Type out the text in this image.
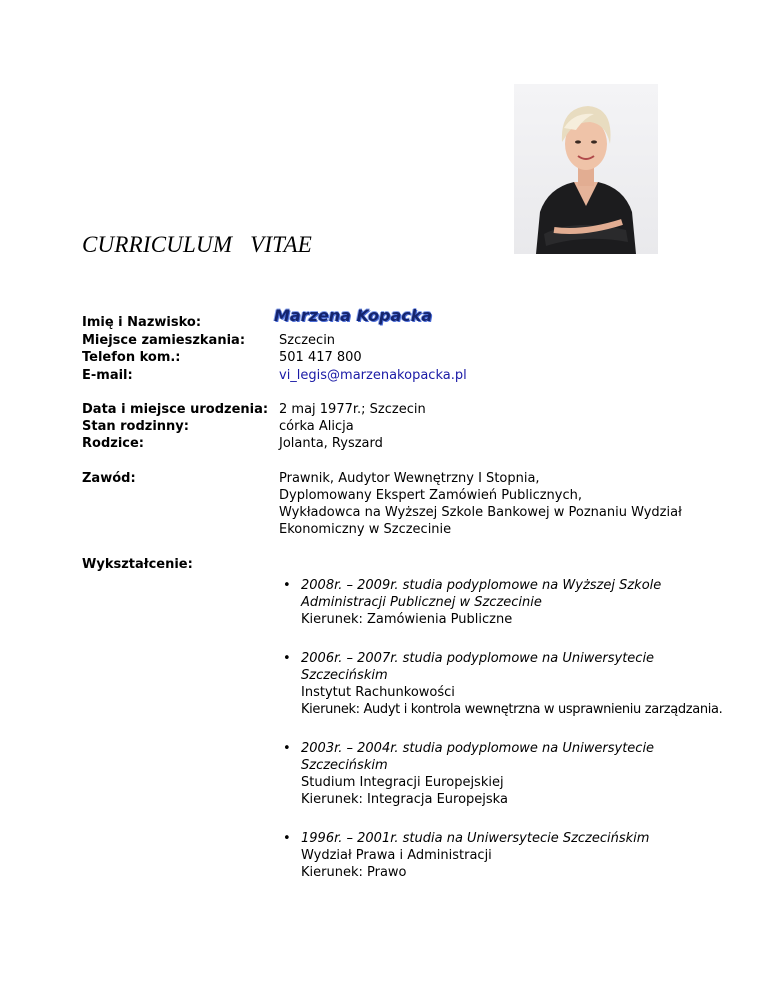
CURRICULUM   VITAE
Imię i Nazwisko:	Marzena Kopacka
Miejsce zamieszkania:	Szczecin
Telefon kom.:	501 417 800
E-mail:	vi_legis@marzenakopacka.pl
Data i miejsce urodzenia: 2 maj 1977r.; Szczecin
Stan rodzinny:	córka Alicja
Rodzice:	Jolanta, Ryszard
Zawód:	Prawnik, Audytor Wewnętrzny I Stopnia,
Dyplomowany Ekspert Zamówień Publicznych,
Wykładowca na Wyższej Szkole Bankowej w Poznaniu Wydział
Ekonomiczny w Szczecinie
Wykształcenie:
• 2008r. – 2009r. studia podyplomowe na Wyższej Szkole
Administracji Publicznej w Szczecinie
Kierunek: Zamówienia Publiczne
• 2006r. – 2007r. studia podyplomowe na Uniwersytecie
Szczecińskim
Instytut Rachunkowości
Kierunek: Audyt i kontrola wewnętrzna w usprawnieniu zarządzania.
• 2003r. – 2004r. studia podyplomowe na Uniwersytecie
Szczecińskim
Studium Integracji Europejskiej
Kierunek: Integracja Europejska
• 1996r. – 2001r. studia na Uniwersytecie Szczecińskim
Wydział Prawa i Administracji
Kierunek: Prawo
